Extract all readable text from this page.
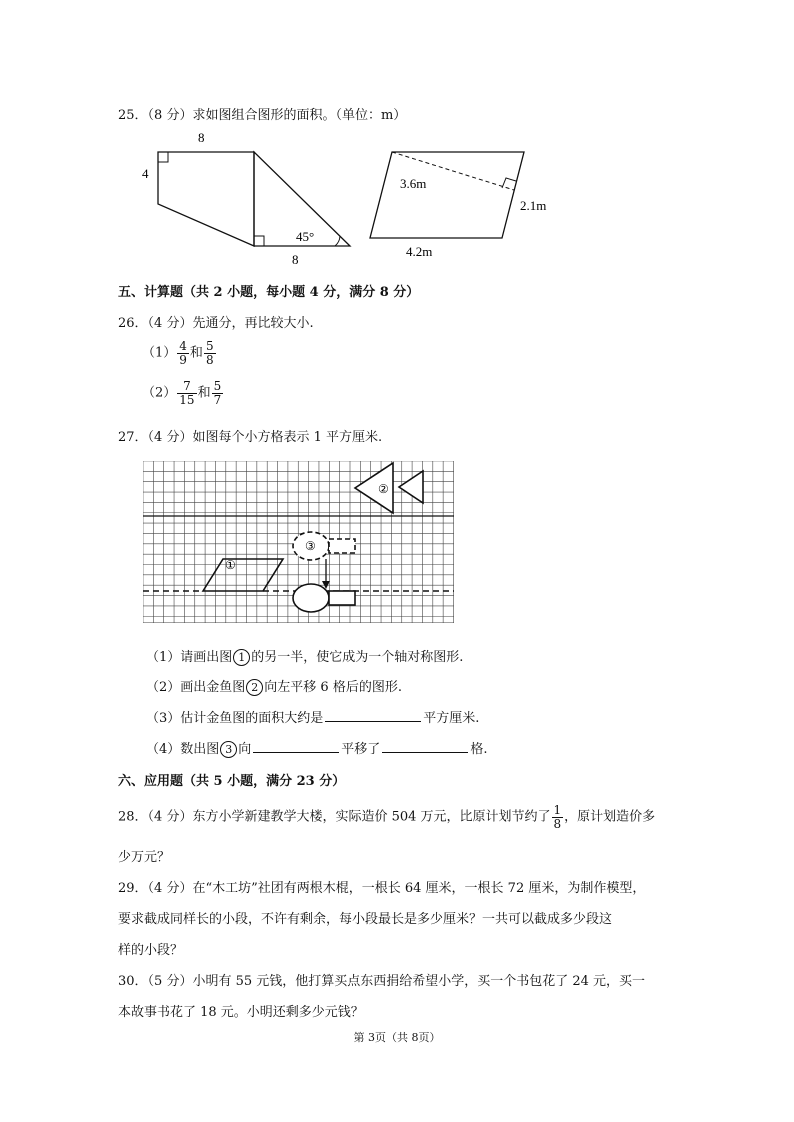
25．（8 分）求如图组合图形的面积。（单位：m）
8
4
8
45°
3.6m
2.1m
4.2m
五、计算题（共 2 小题，每小题 4 分，满分 8 分）
26．（4 分）先通分，再比较大小.
$(1) \frac{4}{9}$ 和 $\frac{5}{8}$
$(2) \frac{7}{15}$ 和 $\frac{5}{7}$
27．（4 分）如图每个小方格表示 1 平方厘米.
①
②
③
（1）请画出图 1 的另一半，使它成为一个轴对称图形.
（2）画出金鱼图 2 向左平移 6 格后的图形.
（3）估计金鱼图的面积大约是	平方厘米.
（4）数出图 3 向	平移了	格.
六、应用题（共 5 小题，满分 23 分）
28．（4 分）东方小学新建教学大楼，实际造价 504 万元，比原计划节约了 $\frac{1}{8}$ ，原计划造价多
少万元？
29．（4 分）在“木工坊”社团有两根木棍，一根长 64 厘米，一根长 72 厘米，为制作模型，
要求截成同样长的小段，不许有剩余，每小段最长是多少厘米？一共可以截成多少段这
样的小段？
30．（5 分）小明有 55 元钱，他打算买点东西捐给希望小学，买一个书包花了 24 元，买一
本故事书花了 18 元。小明还剩多少元钱？
第 3页（共 8页）
